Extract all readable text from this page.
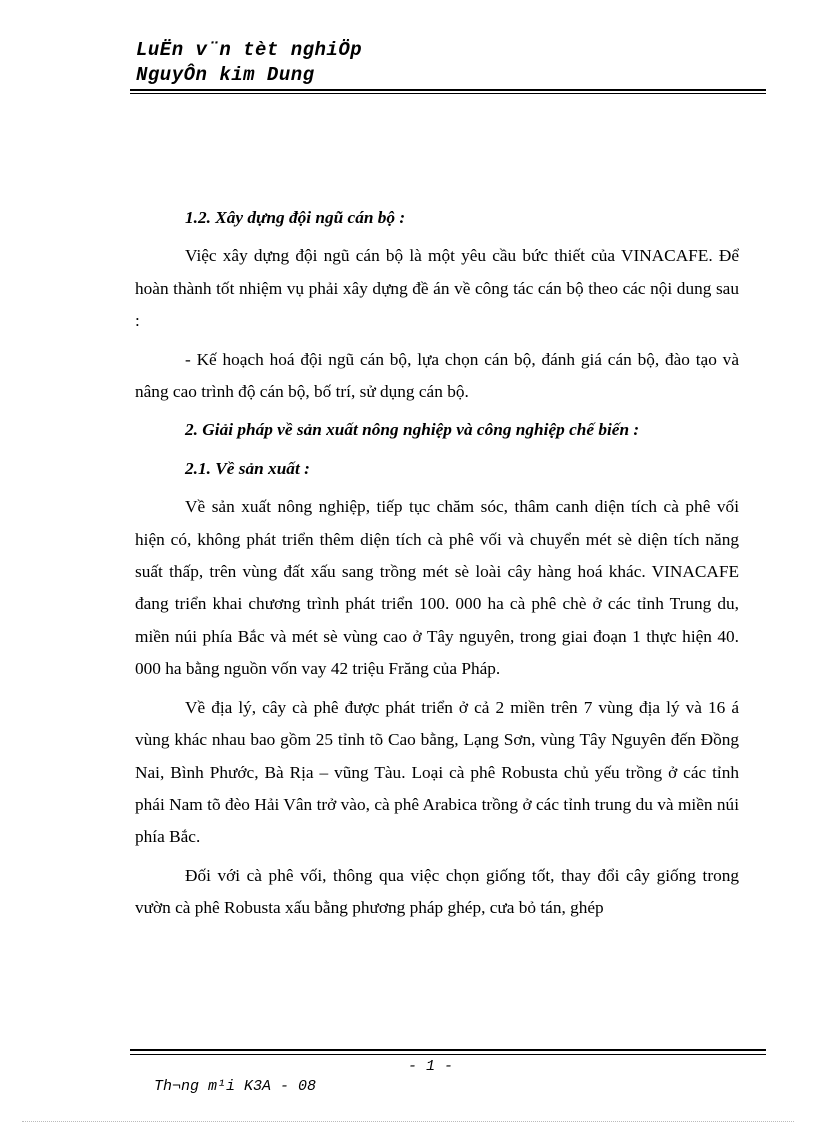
LuËn v¨n tèt nghiÖp
NguyÔn kim Dung

1.2. Xây dựng đội ngũ cán bộ :

Việc xây dựng đội ngũ cán bộ là một yêu cầu bức thiết của VINACAFE. Để hoàn thành tốt nhiệm vụ phải xây dựng đề án về công tác cán bộ theo các nội dung sau :

- Kế hoạch hoá đội ngũ cán bộ, lựa chọn cán bộ, đánh giá cán bộ, đào tạo và nâng cao trình độ cán bộ, bố trí, sử dụng cán bộ.

2. Giải pháp về sản xuất nông nghiệp và công nghiệp chế biến :

2.1. Về sản xuất :

Về sản xuất nông nghiệp, tiếp tục chăm sóc, thâm canh diện tích cà phê vối hiện có, không phát triển thêm diện tích cà phê vối và chuyển mét sè diện tích năng suất thấp, trên vùng đất xấu sang trồng mét sè loài cây hàng hoá khác. VINACAFE đang triển khai chương trình phát triển 100. 000 ha cà phê chè ở các tỉnh Trung du, miền núi phía Bắc và mét sè vùng cao ở Tây nguyên, trong giai đoạn 1 thực hiện 40. 000 ha bằng nguồn vốn vay 42 triệu Frăng của Pháp.

Về địa lý, cây cà phê được phát triển ở cả 2 miền trên 7 vùng địa lý và 16 á vùng khác nhau bao gồm 25 tỉnh tõ Cao bằng, Lạng Sơn, vùng Tây Nguyên đến Đồng Nai, Bình Phước, Bà Rịa – vũng Tàu. Loại cà phê Robusta chủ yếu trồng ở các tỉnh phái Nam tõ đèo Hải Vân trở vào, cà phê Arabica trồng ở các tỉnh trung du và miền núi phía Bắc.

Đối với cà phê vối, thông qua việc chọn giống tốt, thay đổi cây giống trong vườn cà phê Robusta xấu bằng phương pháp ghép, cưa bỏ tán, ghép

Th¬ng m¹i K3A - 08

- 1 -
